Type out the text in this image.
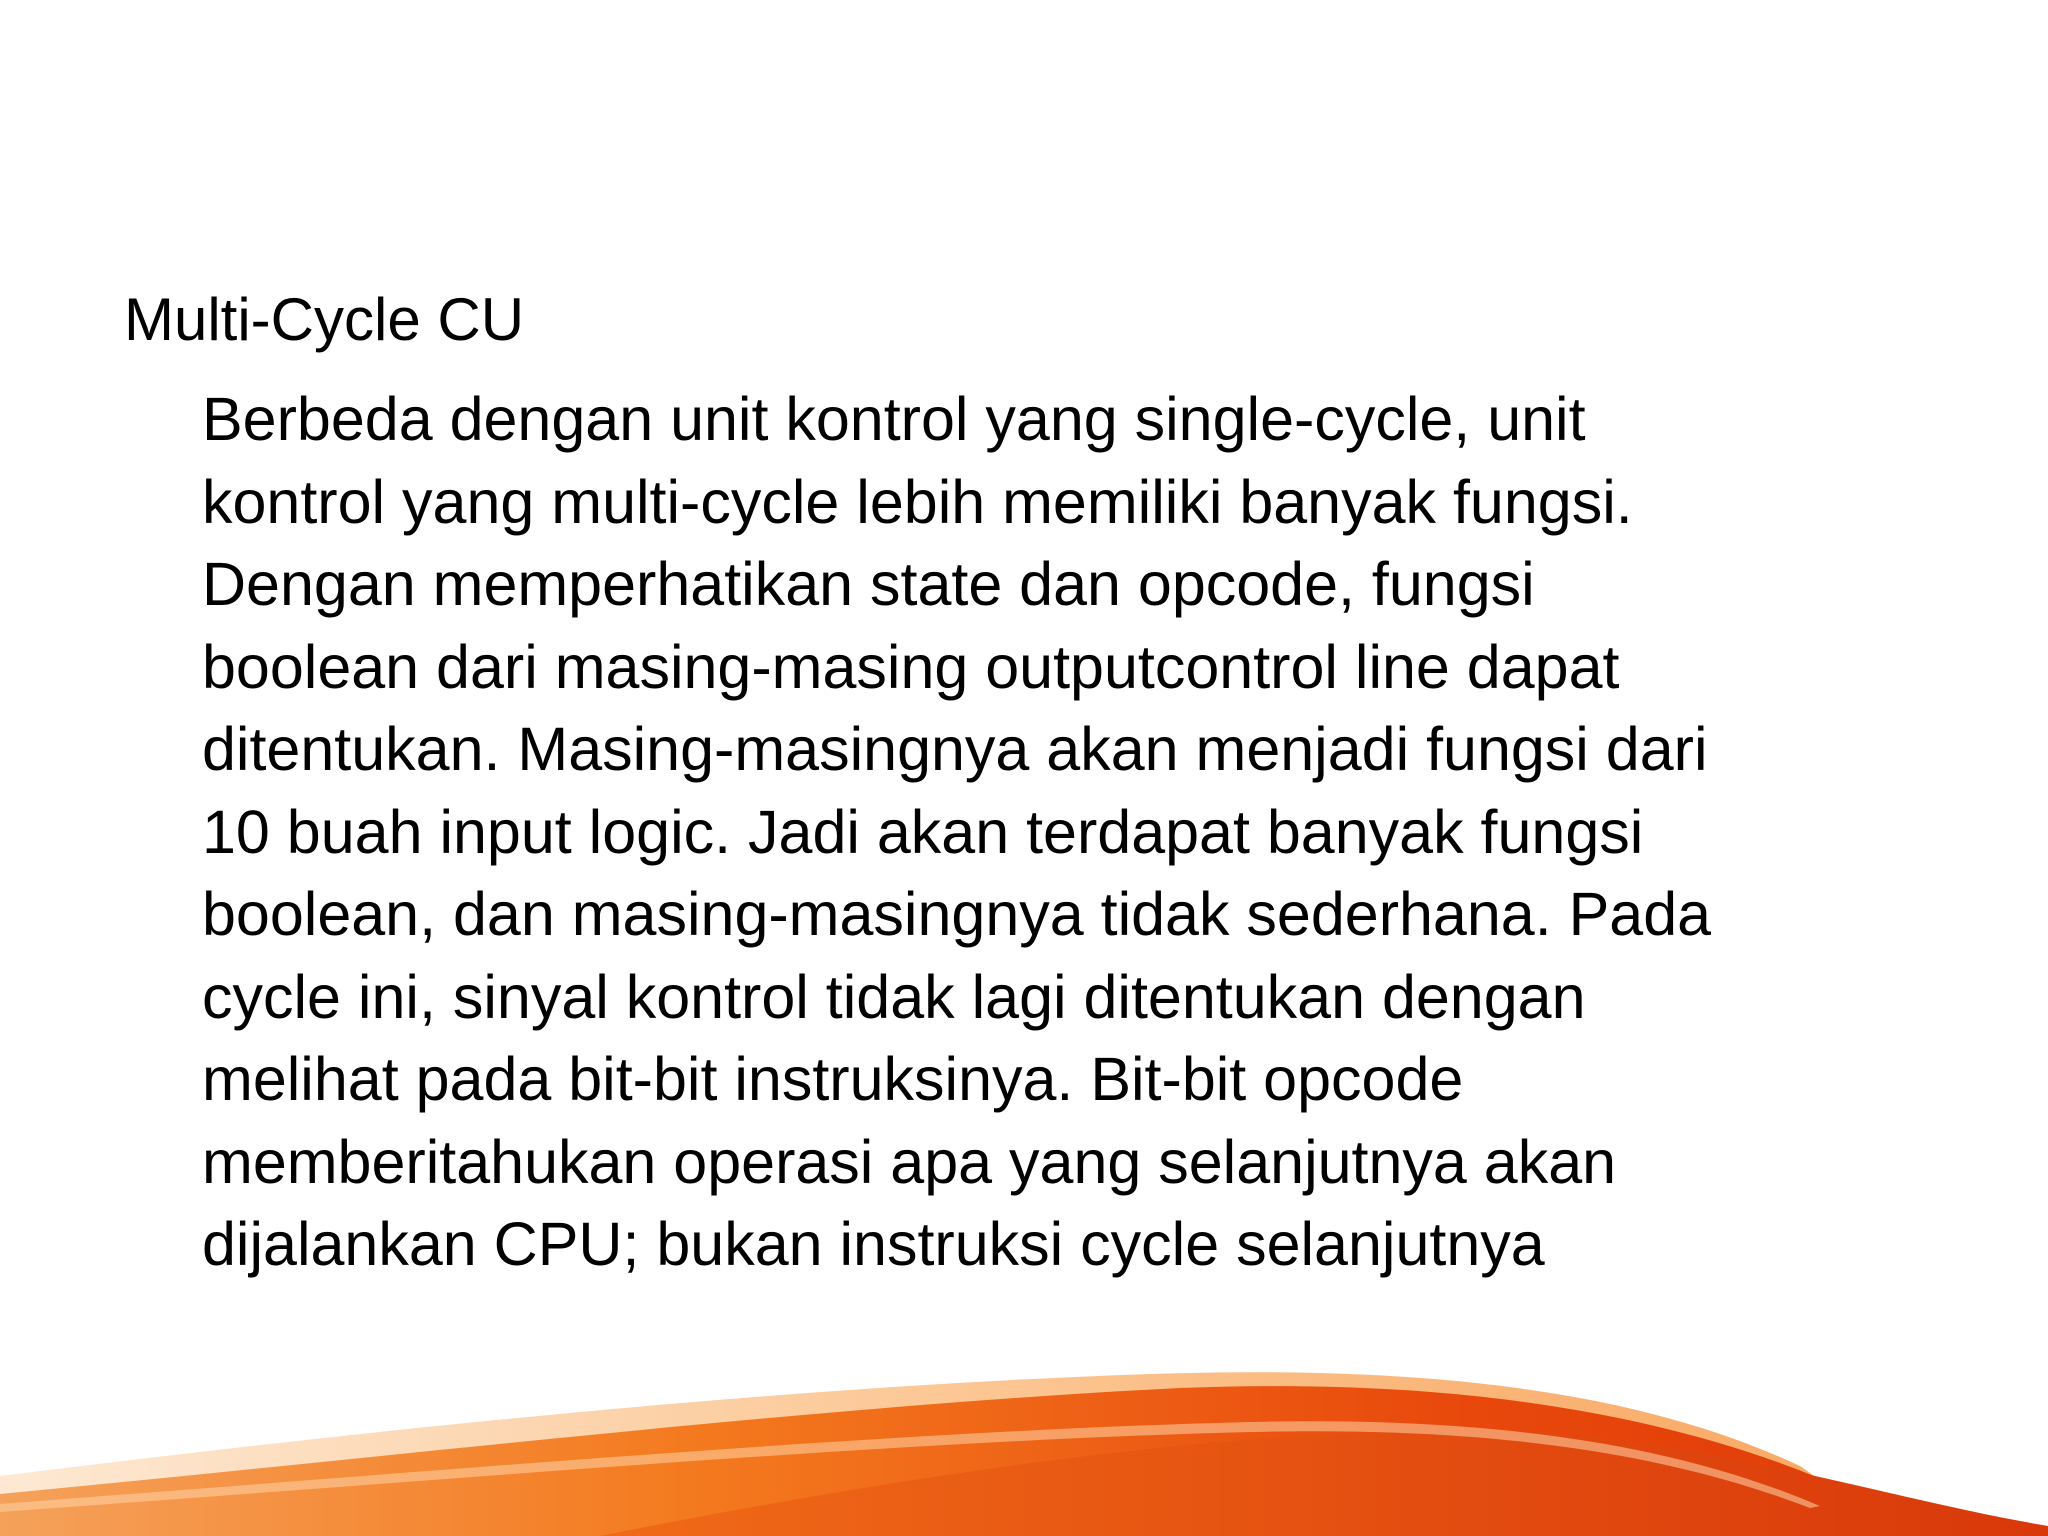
Multi-Cycle CU

Berbeda dengan unit kontrol yang single-cycle, unit
kontrol yang multi-cycle lebih memiliki banyak fungsi.
Dengan memperhatikan state dan opcode, fungsi
boolean dari masing-masing outputcontrol line dapat
ditentukan. Masing-masingnya akan menjadi fungsi dari
10 buah input logic. Jadi akan terdapat banyak fungsi
boolean, dan masing-masingnya tidak sederhana. Pada
cycle ini, sinyal kontrol tidak lagi ditentukan dengan
melihat pada bit-bit instruksinya. Bit-bit opcode
memberitahukan operasi apa yang selanjutnya akan
dijalankan CPU; bukan instruksi cycle selanjutnya
